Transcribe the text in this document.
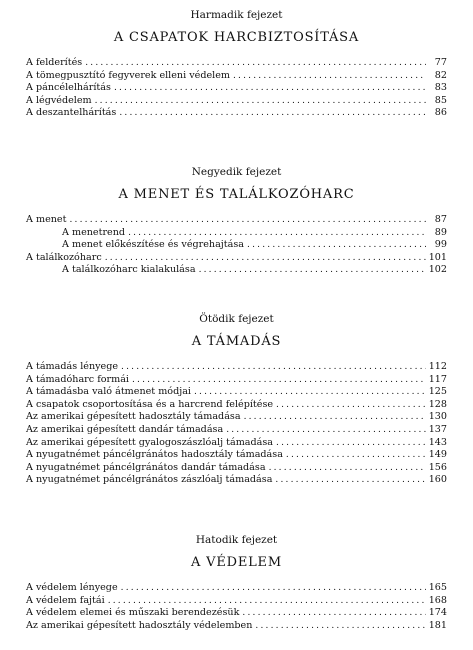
Harmadik fejezet
A CSAPATOK HARCBIZTOSÍTÁSA
A felderítés .....	77
A tömegpusztító fegyverek elleni védelem .....	82
A páncélelhárítás .....	83
A légvédelem .....	85
A deszantelhárítás .....	86
Negyedik fejezet
A MENET ÉS TALÁLKOZÓHARC
A menet .....	87
A menetrend .....	89
A menet előkészítése és végrehajtása .....	99
A találkozóharc .....	101
A találkozóharc kialakulása .....	102
Ötödik fejezet
A TÁMADÁS
A támadás lényege .....	112
A támadóharc formái .....	117
A támadásba való átmenet módjai .....	125
A csapatok csoportosítása és a harcrend felépítése .....	128
Az amerikai gépesített hadosztály támadása .....	130
Az amerikai gépesített dandár támadása .....	137
Az amerikai gépesített gyalogoszászlóalj támadása .....	143
A nyugatnémet páncélgránátos hadosztály támadása .....	149
A nyugatnémet páncélgránátos dandár támadása .....	156
A nyugatnémet páncélgránátos zászlóalj támadása .....	160
Hatodik fejezet
A VÉDELEM
A védelem lényege .....	165
A védelem fajtái .....	168
A védelem elemei és műszaki berendezésük .....	174
Az amerikai gépesített hadosztály védelemben .....	181
